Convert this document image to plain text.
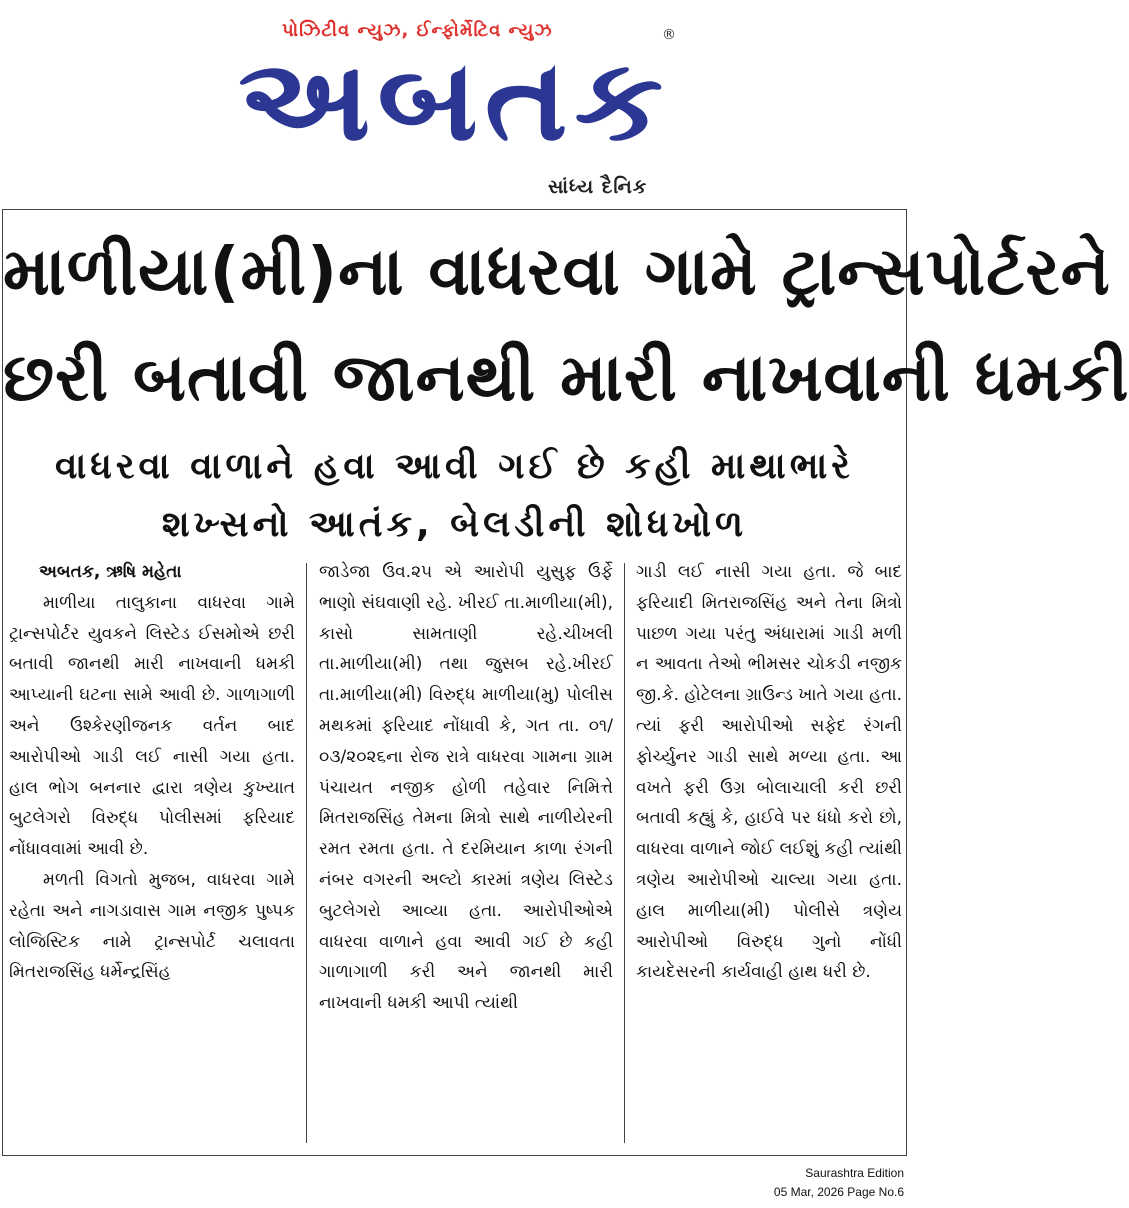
પોઝિટીવ ન્યુઝ, ઈન્ફોર્મેટિવ ન્યુઝ	®
અબતક
સાંધ્ય દૈનિક
માળીયા(મી)ના વાધરવા ગામે ટ્રાન્સપોર્ટરને
છરી બતાવી જાનથી મારી નાખવાની ધમકી
વાધરવા વાળાને હવા આવી ગઈ છે કહી માથાભારે
શખ્સનો આતંક, બેલડીની શોધખોળ
અબતક, ઋષિ મહેતા

માળીયા તાલુકાના વાધરવા ગામે ટ્રાન્સપોર્ટર યુવકને લિસ્ટેડ ઈસમોએ છરી બતાવી જાનથી મારી નાખવાની ધમકી આપ્યાની ઘટના સામે આવી છે. ગાળાગાળી અને ઉશ્કેરણીજનક વર્તન બાદ આરોપીઓ ગાડી લઈ નાસી ગયા હતા. હાલ ભોગ બનનાર દ્વારા ત્રણેય કુખ્યાત બુટલેગરો વિરુદ્ધ પોલીસમાં ફરિયાદ નોંધાવવામાં આવી છે.

મળતી વિગતો મુજબ, વાધરવા ગામે રહેતા અને નાગડાવાસ ગામ નજીક પુષ્પક લોજિસ્ટિક નામે ટ્રાન્સપોર્ટ ચલાવતા મિતરાજસિંહ ધર્મેન્દ્રસિંહ

જાડેજા ઉવ.૨૫ એ આરોપી યુસુફ ઉર્ફે ભાણો સંઘવાણી રહે. ખીરઈ તા.માળીયા(મી), કાસો સામતાણી રહે.ચીખલી તા.માળીયા(મી) તથા જુસબ રહે.ખીરઈ તા.માળીયા(મી) વિરુદ્ધ માળીયા(મુ) પોલીસ મથકમાં ફરિયાદ નોંધાવી કે, ગત તા. ૦૧/ ૦૩/૨૦૨૬ના રોજ રાત્રે વાધરવા ગામના ગ્રામ પંચાયત નજીક હોળી તહેવાર નિમિત્તે મિતરાજસિંહ તેમના મિત્રો સાથે નાળીયેરની રમત રમતા હતા. તે દરમિયાન કાળા રંગની નંબર વગરની અલ્ટો કારમાં ત્રણેય લિસ્ટેડ બુટલેગરો આવ્યા હતા. આરોપીઓએ વાધરવા વાળાને હવા આવી ગઈ છે કહી ગાળાગાળી કરી અને જાનથી મારી નાખવાની ધમકી આપી ત્યાંથી

ગાડી લઈ નાસી ગયા હતા. જે બાદ ફરિયાદી મિતરાજસિંહ અને તેના મિત્રો પાછળ ગયા પરંતુ અંધારામાં ગાડી મળી ન આવતા તેઓ ભીમસર ચોકડી નજીક જી.કે. હોટેલના ગ્રાઉન્ડ ખાતે ગયા હતા. ત્યાં ફરી આરોપીઓ સફેદ રંગની ફોર્ચ્યુનર ગાડી સાથે મળ્યા હતા. આ વખતે ફરી ઉગ્ર બોલાચાલી કરી છરી બતાવી કહ્યું કે, હાઈવે પર ધંધો કરો છો, વાધરવા વાળાને જોઈ લઈશું કહી ત્યાંથી ત્રણેય આરોપીઓ ચાલ્યા ગયા હતા. હાલ માળીયા(મી) પોલીસે ત્રણેય આરોપીઓ વિરુદ્ધ ગુનો નોંધી કાયદેસરની કાર્યવાહી હાથ ધરી છે.

Saurashtra Edition
05 Mar, 2026 Page No.6
